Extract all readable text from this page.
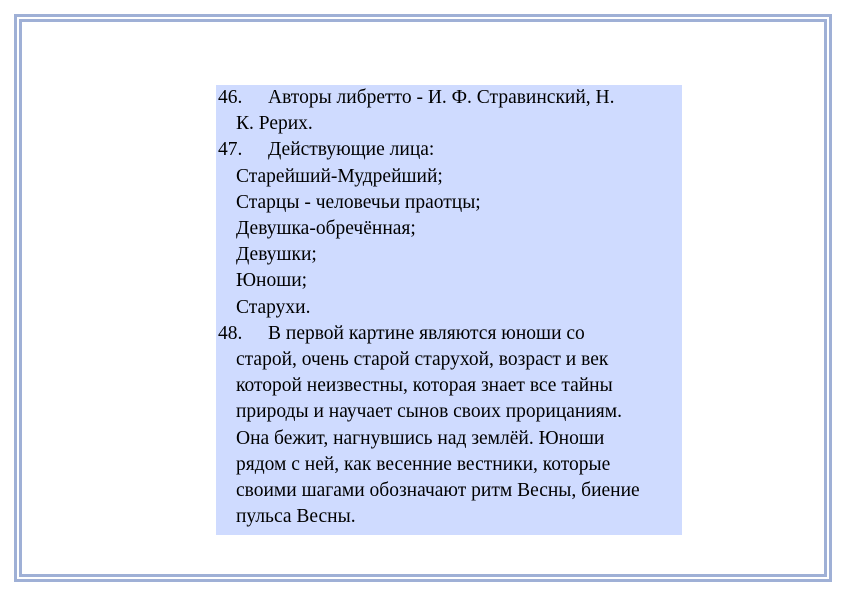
46. Авторы либретто - И. Ф. Стравинский, Н.
К. Рерих.
47. Действующие лица:
Старейший-Мудрейший;
Старцы - человечьи праотцы;
Девушка-обречённая;
Девушки;
Юноши;
Старухи.
48. В первой картине являются юноши со
старой, очень старой старухой, возраст и век
которой неизвестны, которая знает все тайны
природы и научает сынов своих прорицаниям.
Она бежит, нагнувшись над землёй. Юноши
рядом с ней, как весенние вестники, которые
своими шагами обозначают ритм Весны, биение
пульса Весны.
